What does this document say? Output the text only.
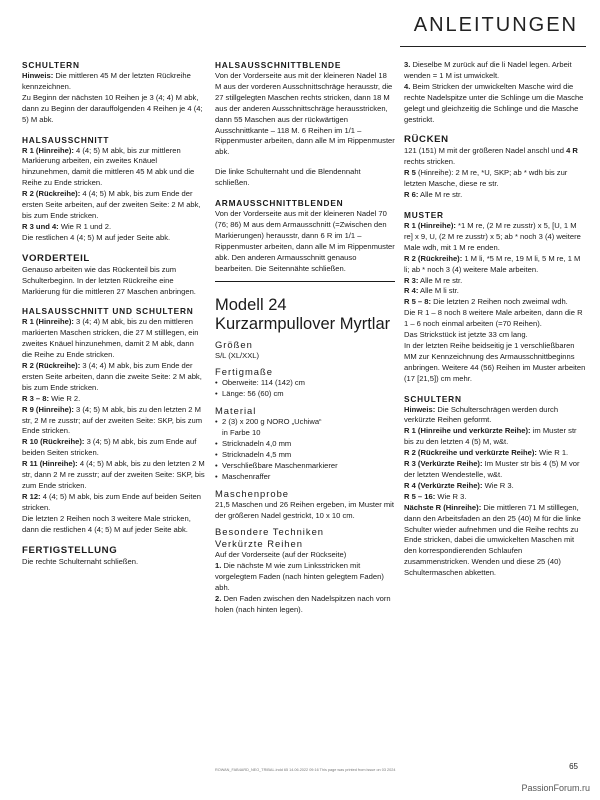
ANLEITUNGEN
SCHULTERN

Hinweis: Die mittleren 45 M der letzten Rückreihe kennzeichnen.

Zu Beginn der nächsten 10 Reihen je 3 (4; 4) M abk, dann zu Beginn der darauffolgenden 4 Reihen je 4 (4; 5) M abk.

HALSAUSSCHNITT

R 1 (Hinreihe): 4 (4; 5) M abk, bis zur mittleren Markierung arbeiten, ein zweites Knäuel hinzunehmen, damit die mittleren 45 M abk und die Reihe zu Ende stricken.

R 2 (Rückreihe): 4 (4; 5) M abk, bis zum Ende der ersten Seite arbeiten, auf der zweiten Seite: 2 M abk, bis zum Ende stricken.

R 3 und 4: Wie R 1 und 2.

Die restlichen 4 (4; 5) M auf jeder Seite abk.

VORDERTEIL

Genauso arbeiten wie das Rückenteil bis zum Schulterbeginn. In der letzten Rückreihe eine Markierung für die mittleren 27 Maschen anbringen.

HALSAUSSCHNITT UND SCHULTERN

R 1 (Hinreihe): 3 (4; 4) M abk, bis zu den mittleren markierten Maschen stricken, die 27 M stilllegen, ein zweites Knäuel hinzunehmen, damit 2 M abk, dann die Reihe zu Ende stricken.

R 2 (Rückreihe): 3 (4; 4) M abk, bis zum Ende der ersten Seite arbeiten, dann die zweite Seite: 2 M abk, bis zum Ende stricken.

R 3 – 8: Wie R 2.

R 9 (Hinreihe): 3 (4; 5) M abk, bis zu den letzten 2 M str, 2 M re zusstr; auf der zweiten Seite: SKP, bis zum Ende stricken.

R 10 (Rückreihe): 3 (4; 5) M abk, bis zum Ende auf beiden Seiten stricken.

R 11 (Hinreihe): 4 (4; 5) M abk, bis zu den letzten 2 M str, dann 2 M re zusstr; auf der zweiten Seite: SKP, bis zum Ende stricken.

R 12: 4 (4; 5) M abk, bis zum Ende auf beiden Seiten stricken.

Die letzten 2 Reihen noch 3 weitere Male stricken, dann die restlichen 4 (4; 5) M auf jeder Seite abk.

FERTIGSTELLUNG

Die rechte Schulternaht schließen.

HALSAUSSCHNITTBLENDE

Von der Vorderseite aus mit der kleineren Nadel 18 M aus der vorderen Ausschnittschräge herausstr, die 27 stillgelegten Maschen rechts stricken, dann 18 M aus der anderen Ausschnittschräge herausstricken, dann 55 Maschen aus der rückwärtigen Ausschnittkante – 118 M. 6 Reihen im 1/1 – Rippenmuster arbeiten, dann alle M im Rippenmuster abk.

Die linke Schulternaht und die Blendennaht schließen.

ARMAUSSCHNITTBLENDEN

Von der Vorderseite aus mit der kleineren Nadel 70 (76; 86) M aus dem Armausschnitt (=Zwischen den Markierungen) herausstr, dann 6 R im 1/1 – Rippenmuster arbeiten, dann alle M im Rippenmuster abk. Den anderen Armausschnitt genauso bearbeiten. Die Seitennähte schließen.

Modell 24

Kurzarmpullover Myrtlar

Größen

S/L (XL/XXL)

Fertigmaße

• Oberweite: 114 (142) cm
• Länge: 56 (60) cm

Material

• 2 (3) x 200 g NORO „Uchiwa“
in Farbe 10
• Stricknadeln 4,0 mm
• Stricknadeln 4,5 mm
• Verschließbare Maschenmarkierer
• Maschenraffer

Maschenprobe

21,5 Maschen und 26 Reihen ergeben, im Muster mit der größeren Nadel gestrickt, 10 x 10 cm.

Besondere Techniken

Verkürzte Reihen

Auf der Vorderseite (auf der Rückseite)

1. Die nächste M wie zum Linksstricken mit vorgelegtem Faden (nach hinten gelegtem Faden) abh.

2. Den Faden zwischen den Nadelspitzen nach vorn holen (nach hinten legen).

3. Dieselbe M zurück auf die li Nadel legen. Arbeit wenden = 1 M ist umwickelt.

4. Beim Stricken der umwickelten Masche wird die rechte Nadelspitze unter die Schlinge um die Masche gelegt und gleichzeitig die Schlinge und die Masche gestrickt.

RÜCKEN

121 (151) M mit der größeren Nadel anschl und 4 R rechts stricken.

R 5 (Hinreihe): 2 M re, *U, SKP; ab * wdh bis zur letzten Masche, diese re str.

R 6: Alle M re str.

MUSTER

R 1 (Hinreihe): *1 M re, (2 M re zusstr) x 5, [U, 1 M re] x 9, U, (2 M re zusstr) x 5; ab * noch 3 (4) weitere Male wdh, mit 1 M re enden.

R 2 (Rückreihe): 1 M li, *5 M re, 19 M li, 5 M re, 1 M li; ab * noch 3 (4) weitere Male arbeiten.

R 3: Alle M re str.

R 4: Alle M li str.

R 5 – 8: Die letzten 2 Reihen noch zweimal wdh.

Die R 1 – 8 noch 8 weitere Male arbeiten, dann die R 1 – 6 noch einmal arbeiten (=70 Reihen).

Das Strickstück ist jetzte 33 cm lang.

In der letzten Reihe beidseitig je 1 verschließbaren MM zur Kennzeichnung des Armausschnittbeginns anbringen. Weitere 44 (56) Reihen im Muster arbeiten (17 [21,5]) cm mehr.

SCHULTERN

Hinweis: Die Schulterschrägen werden durch verkürzte Reihen geformt.

R 1 (Hinreihe und verkürzte Reihe): im Muster str bis zu den letzten 4 (5) M, w&t.

R 2 (Rückreihe und verkürzte Reihe): Wie R 1.

R 3 (Verkürzte Reihe): Im Muster str bis 4 (5) M vor der letzten Wendestelle, w&t.

R 4 (Verkürzte Reihe): Wie R 3.

R 5 – 16: Wie R 3.

Nächste R (Hinreihe): Die mittleren 71 M stilllegen, dann den Arbeitsfaden an den 25 (40) M für die linke Schulter wieder aufnehmen und die Reihe rechts zu Ende stricken, dabei die umwickelten Maschen mit den korrespondierenden Schlaufen zusammenstricken. Wenden und diese 25 (40) Schultermaschen abketten.

ROWAN_FAB4ARD_NEO_TRIBAL.indd 65 14.06.2022 09:16 This page was printed from issue on 03 2024	65
PassionForum.ru
